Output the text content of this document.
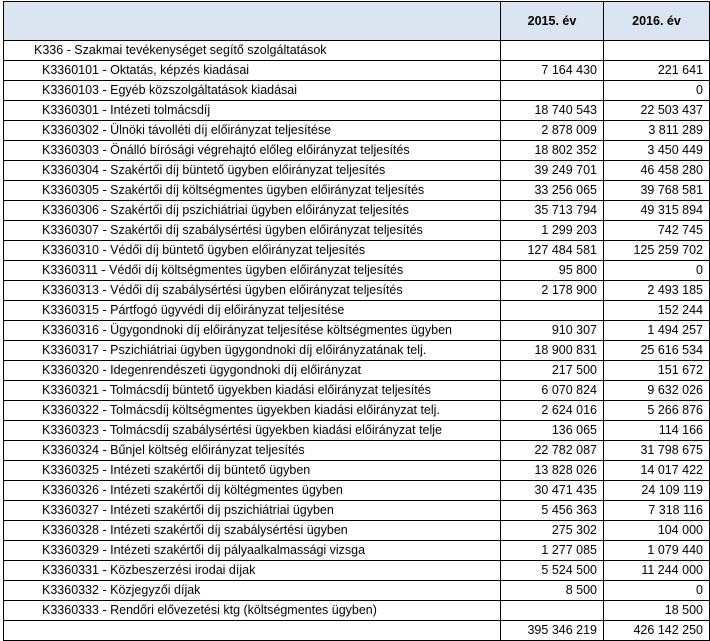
	2015. év	2016. év
K336 - Szakmai tevékenységet segítő szolgáltatások		
K3360101 - Oktatás, képzés kiadásai	7 164 430	221 641
K3360103 - Egyéb közszolgáltatások kiadásai		0
K3360301 - Intézeti tolmácsdíj	18 740 543	22 503 437
K3360302 - Ülnöki távolléti díj előirányzat teljesítése	2 878 009	3 811 289
K3360303 - Önálló bírósági végrehajtó előleg előirányzat teljesítés	18 802 352	3 450 449
K3360304 - Szakértői díj büntető ügyben előirányzat teljesítés	39 249 701	46 458 280
K3360305 - Szakértői díj költségmentes ügyben előirányzat teljesítés	33 256 065	39 768 581
K3360306 - Szakértői díj pszichiátriai ügyben előirányzat teljesítés	35 713 794	49 315 894
K3360307 - Szakértői díj szabálysértési ügyben előirányzat teljesítés	1 299 203	742 745
K3360310 - Védői díj büntető ügyben előirányzat teljesítés	127 484 581	125 259 702
K3360311 - Védői díj költségmentes ügyben előirányzat teljesítés	95 800	0
K3360313 - Védői díj szabálysértési ügyben előirányzat teljesítés	2 178 900	2 493 185
K3360315 - Pártfogó ügyvédi díj előirányzat teljesítése		152 244
K3360316 - Ügygondnoki díj előirányzat teljesítése költségmentes ügyben	910 307	1 494 257
K3360317 - Pszichiátriai ügyben ügygondnoki díj előirányzatának telj.	18 900 831	25 616 534
K3360320 - Idegenrendészeti ügygondnoki díj előirányzat	217 500	151 672
K3360321 - Tolmácsdíj büntető ügyekben kiadási előirányzat teljesítés	6 070 824	9 632 026
K3360322 - Tolmácsdíj költségmentes ügyekben kiadási előirányzat telj.	2 624 016	5 266 876
K3360323 - Tolmácsdíj szabálysértési ügyekben kiadási előirányzat telje	136 065	114 166
K3360324 - Bűnjel költség előirányzat teljesítés	22 782 087	31 798 675
K3360325 - Intézeti szakértői díj büntető ügyben	13 828 026	14 017 422
K3360326 - Intézeti szakértői díj költégmentes ügyben	30 471 435	24 109 119
K3360327 - Intézeti szakértői díj pszichiátriai ügyben	5 456 363	7 318 116
K3360328 - Intézeti szakértői díj szabálysértési ügyben	275 302	104 000
K3360329 - Intézeti szakértői díj pályaalkalmassági vizsga	1 277 085	1 079 440
K3360331 - Közbeszerzési irodai díjak	5 524 500	11 244 000
K3360332 - Közjegyzői díjak	8 500	0
K3360333 - Rendőri elővezetési ktg (költségmentes ügyben)		18 500
	395 346 219	426 142 250
